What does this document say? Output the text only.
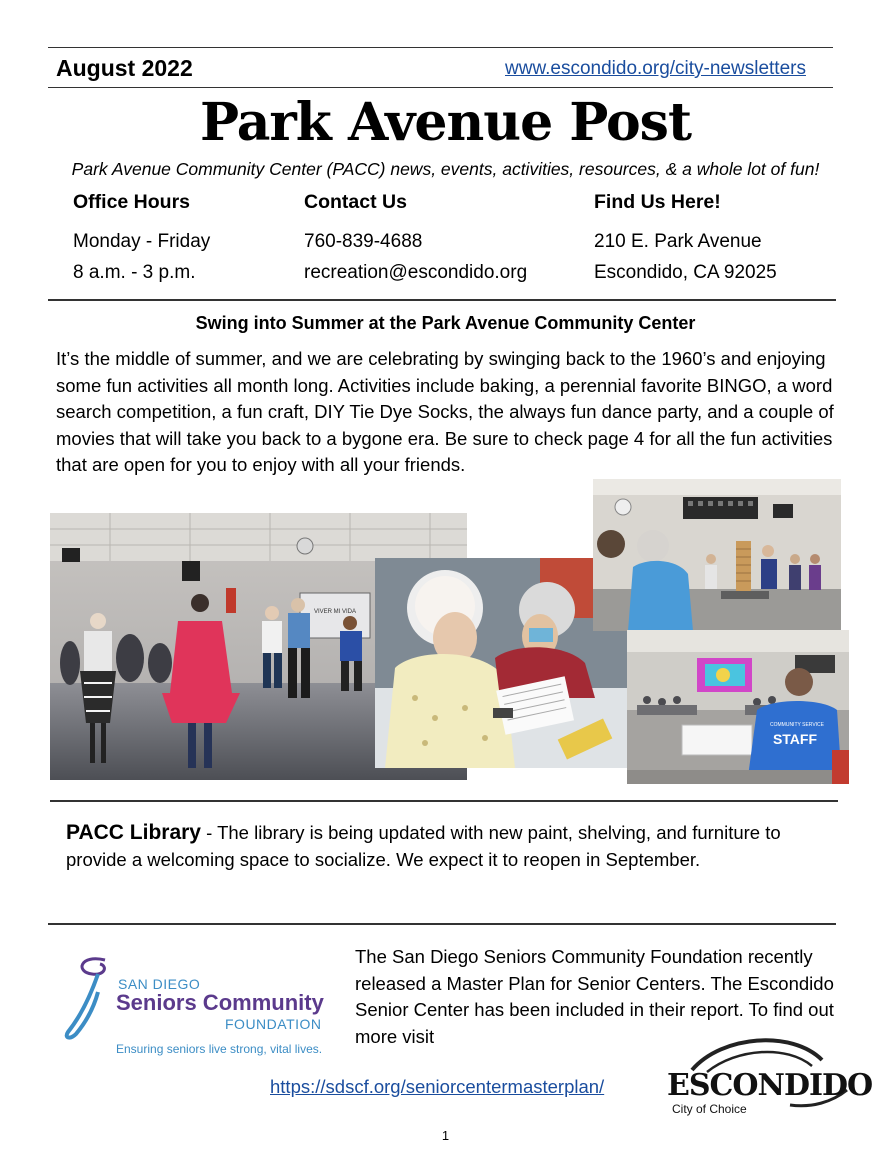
August 2022	www.escondido.org/city-newsletters
Park Avenue Post
Park Avenue Community Center (PACC) news, events, activities, resources, & a whole lot of fun!
Office Hours
Monday - Friday
8 a.m. - 3 p.m.
Contact Us
760-839-4688
recreation@escondido.org
Find Us Here!
210 E. Park Avenue
Escondido, CA 92025
Swing into Summer at the Park Avenue Community Center
It’s the middle of summer, and we are celebrating by swinging back to the 1960’s and enjoying some fun activities all month long. Activities include baking, a perennial favorite BINGO, a word search competition, a fun craft, DIY Tie Dye Socks, the always fun dance party, and a couple of movies that will take you back to a bygone era. Be sure to check page 4 for all the fun activities that are open for you to enjoy with all your friends.
VIVER MI VIDA
COMMUNITY SERVICE
STAFF
PACC Library - The library is being updated with new paint, shelving, and furniture to provide a welcoming space to socialize. We expect it to reopen in September.
SAN DIEGO
Seniors Community
FOUNDATION
Ensuring seniors live strong, vital lives.
The San Diego Seniors Community Foundation recently released a Master Plan for Senior Centers. The Escondido Senior Center has been included in their report. To find out more visit
https://sdscf.org/seniorcentermasterplan/ ESCONDIDO
City of Choice
1
